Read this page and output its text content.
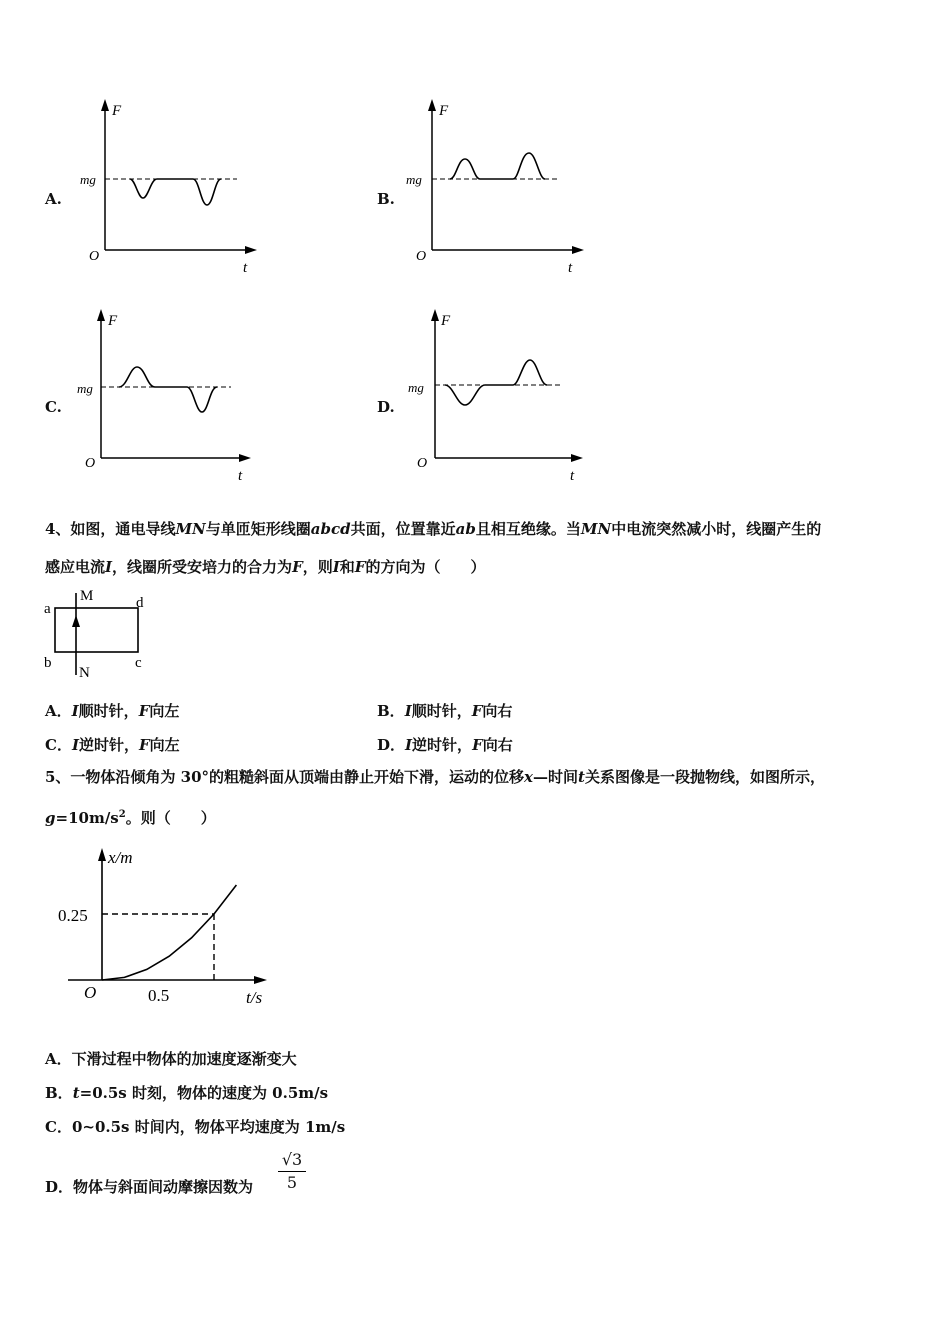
A.
F
t
O
mg
B.
F
t
O
mg
C.
F
t
O
mg
D.
F
t
O
mg
4、如图，通电导线MN与单匝矩形线圈abcd共面，位置靠近ab且相互绝缘。当MN中电流突然减小时，线圈产生的
感应电流I，线圈所受安培力的合力为F，则I和F的方向为（　　）
M
N
a
b	c
d
A．I顺时针，F向左	B．I顺时针，F向右
C．I逆时针，F向左	D．I逆时针，F向右
5、一物体沿倾角为 30°的粗糙斜面从顶端由静止开始下滑，运动的位移x—时间t关系图像是一段抛物线，如图所示，
$g=10m/s^2$。则（　　）
x/m
t/s
O
0.25
0.5
A．下滑过程中物体的加速度逐渐变大
B．t=0.5s 时刻，物体的速度为 0.5m/s
C．0~0.5s 时间内，物体平均速度为 1m/s
D．物体与斜面间动摩擦因数为 $\frac{√3}{5}$
